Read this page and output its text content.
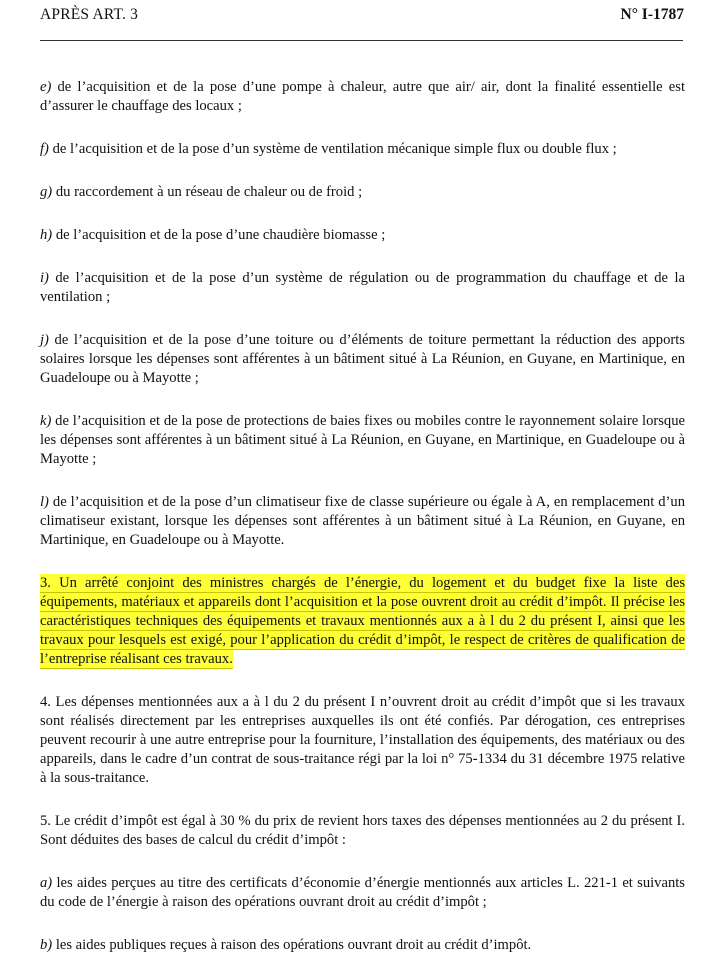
APRÈS ART. 3	N° I-1787

e) de l’acquisition et de la pose d’une pompe à chaleur, autre que air/ air, dont la finalité essentielle est d’assurer le chauffage des locaux ;

f) de l’acquisition et de la pose d’un système de ventilation mécanique simple flux ou double flux ;

g) du raccordement à un réseau de chaleur ou de froid ;

h) de l’acquisition et de la pose d’une chaudière biomasse ;

i) de l’acquisition et de la pose d’un système de régulation ou de programmation du chauffage et de la ventilation ;

j) de l’acquisition et de la pose d’une toiture ou d’éléments de toiture permettant la réduction des apports solaires lorsque les dépenses sont afférentes à un bâtiment situé à La Réunion, en Guyane, en Martinique, en Guadeloupe ou à Mayotte ;

k) de l’acquisition et de la pose de protections de baies fixes ou mobiles contre le rayonnement solaire lorsque les dépenses sont afférentes à un bâtiment situé à La Réunion, en Guyane, en Martinique, en Guadeloupe ou à Mayotte ;

l) de l’acquisition et de la pose d’un climatiseur fixe de classe supérieure ou égale à A, en remplacement d’un climatiseur existant, lorsque les dépenses sont afférentes à un bâtiment situé à La Réunion, en Guyane, en Martinique, en Guadeloupe ou à Mayotte.

3. Un arrêté conjoint des ministres chargés de l’énergie, du logement et du budget fixe la liste des équipements, matériaux et appareils dont l’acquisition et la pose ouvrent droit au crédit d’impôt. Il précise les caractéristiques techniques des équipements et travaux mentionnés aux a à l du 2 du présent I, ainsi que les travaux pour lesquels est exigé, pour l’application du crédit d’impôt, le respect de critères de qualification de l’entreprise réalisant ces travaux.

4. Les dépenses mentionnées aux a à l du 2 du présent I n’ouvrent droit au crédit d’impôt que si les travaux sont réalisés directement par les entreprises auxquelles ils ont été confiés. Par dérogation, ces entreprises peuvent recourir à une autre entreprise pour la fourniture, l’installation des équipements, des matériaux ou des appareils, dans le cadre d’un contrat de sous-traitance régi par la loi n° 75-1334 du 31 décembre 1975 relative à la sous-traitance.

5. Le crédit d’impôt est égal à 30 % du prix de revient hors taxes des dépenses mentionnées au 2 du présent I. Sont déduites des bases de calcul du crédit d’impôt :

a) les aides perçues au titre des certificats d’économie d’énergie mentionnés aux articles L. 221-1 et suivants du code de l’énergie à raison des opérations ouvrant droit au crédit d’impôt ;

b) les aides publiques reçues à raison des opérations ouvrant droit au crédit d’impôt.
